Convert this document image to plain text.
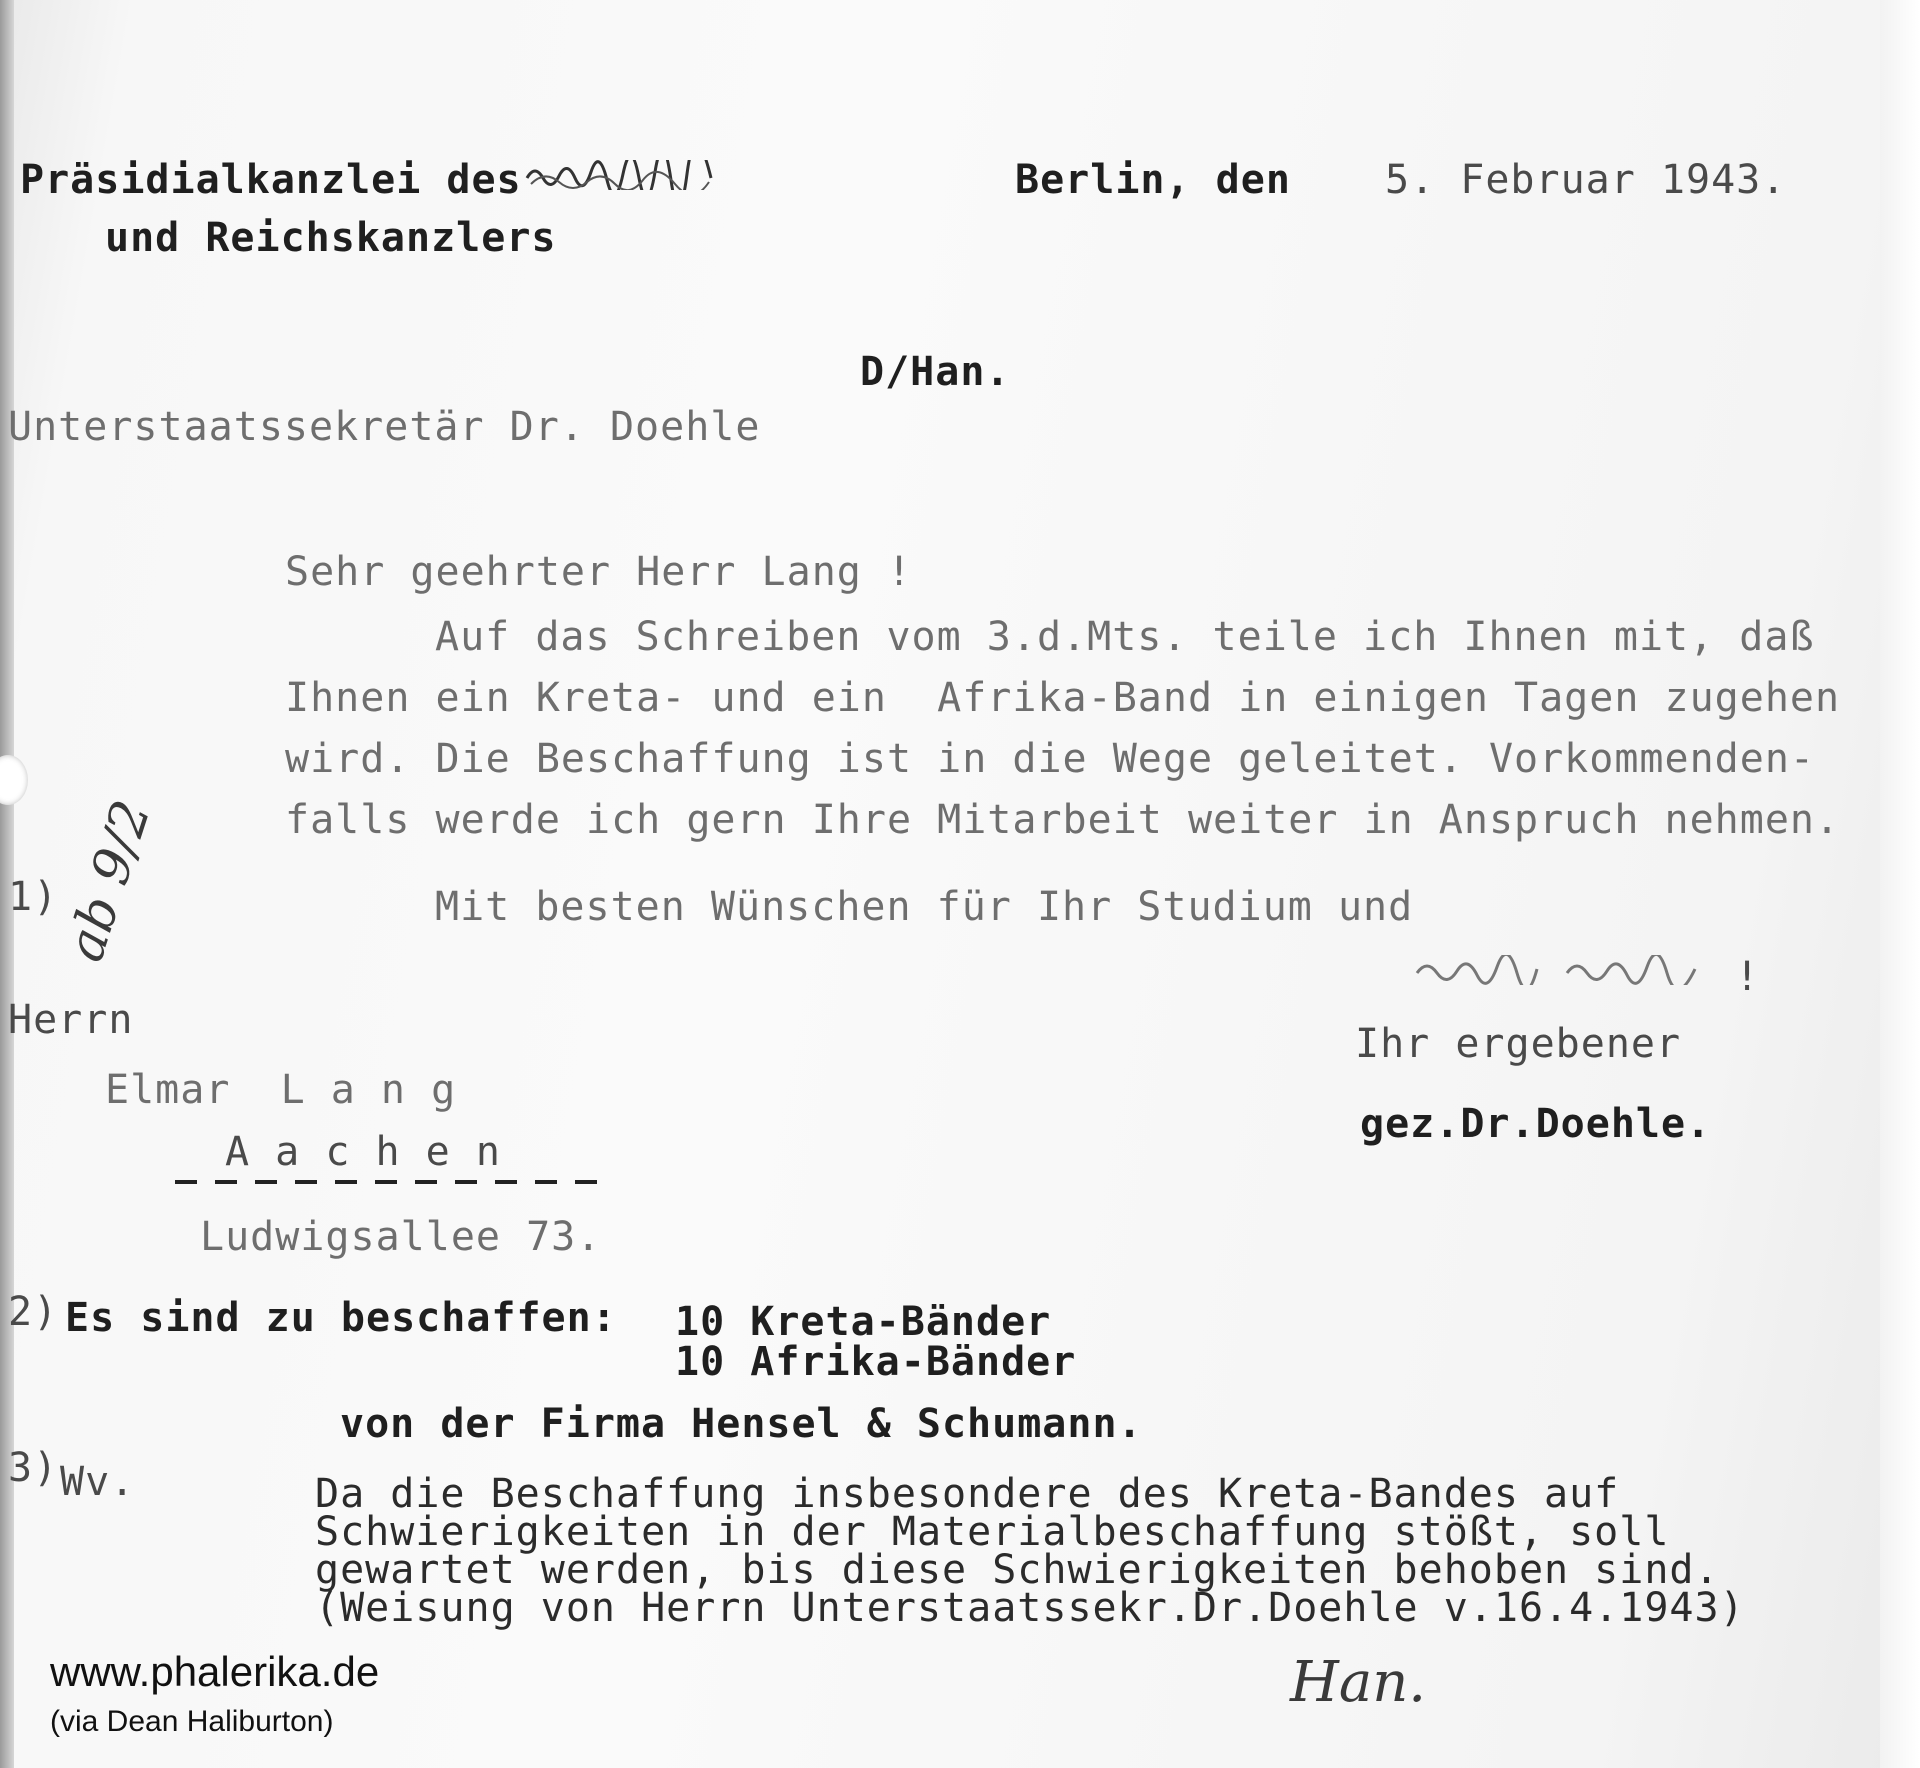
Präsidialkanzlei des
und Reichskanzlers
Berlin, den 5. Februar 1943.
D/Han.
Unterstaatssekretär Dr. Doehle
Sehr geehrter Herr Lang !
Auf das Schreiben vom 3.d.Mts. teile ich Ihnen mit, daß
Ihnen ein Kreta- und ein  Afrika-Band in einigen Tagen zugehen
wird. Die Beschaffung ist in die Wege geleitet. Vorkommenden-
falls werde ich gern Ihre Mitarbeit weiter in Anspruch nehmen.
Mit besten Wünschen für Ihr Studium und
!
Ihr ergebener
gez.Dr.Doehle.
1)
ab 9/2
Herrn
Elmar  L a n g
A a c h e n
Ludwigsallee 73.
2) Es sind zu beschaffen: 10 Kreta-Bänder
10 Afrika-Bänder
von der Firma Hensel & Schumann.
3) Wv.	Da die Beschaffung insbesondere des Kreta-Bandes auf
Schwierigkeiten in der Materialbeschaffung stößt, soll
gewartet werden, bis diese Schwierigkeiten behoben sind.
(Weisung von Herrn Unterstaatssekr.Dr.Doehle v.16.4.1943)
Han.
www.phalerika.de
(via Dean Haliburton)
